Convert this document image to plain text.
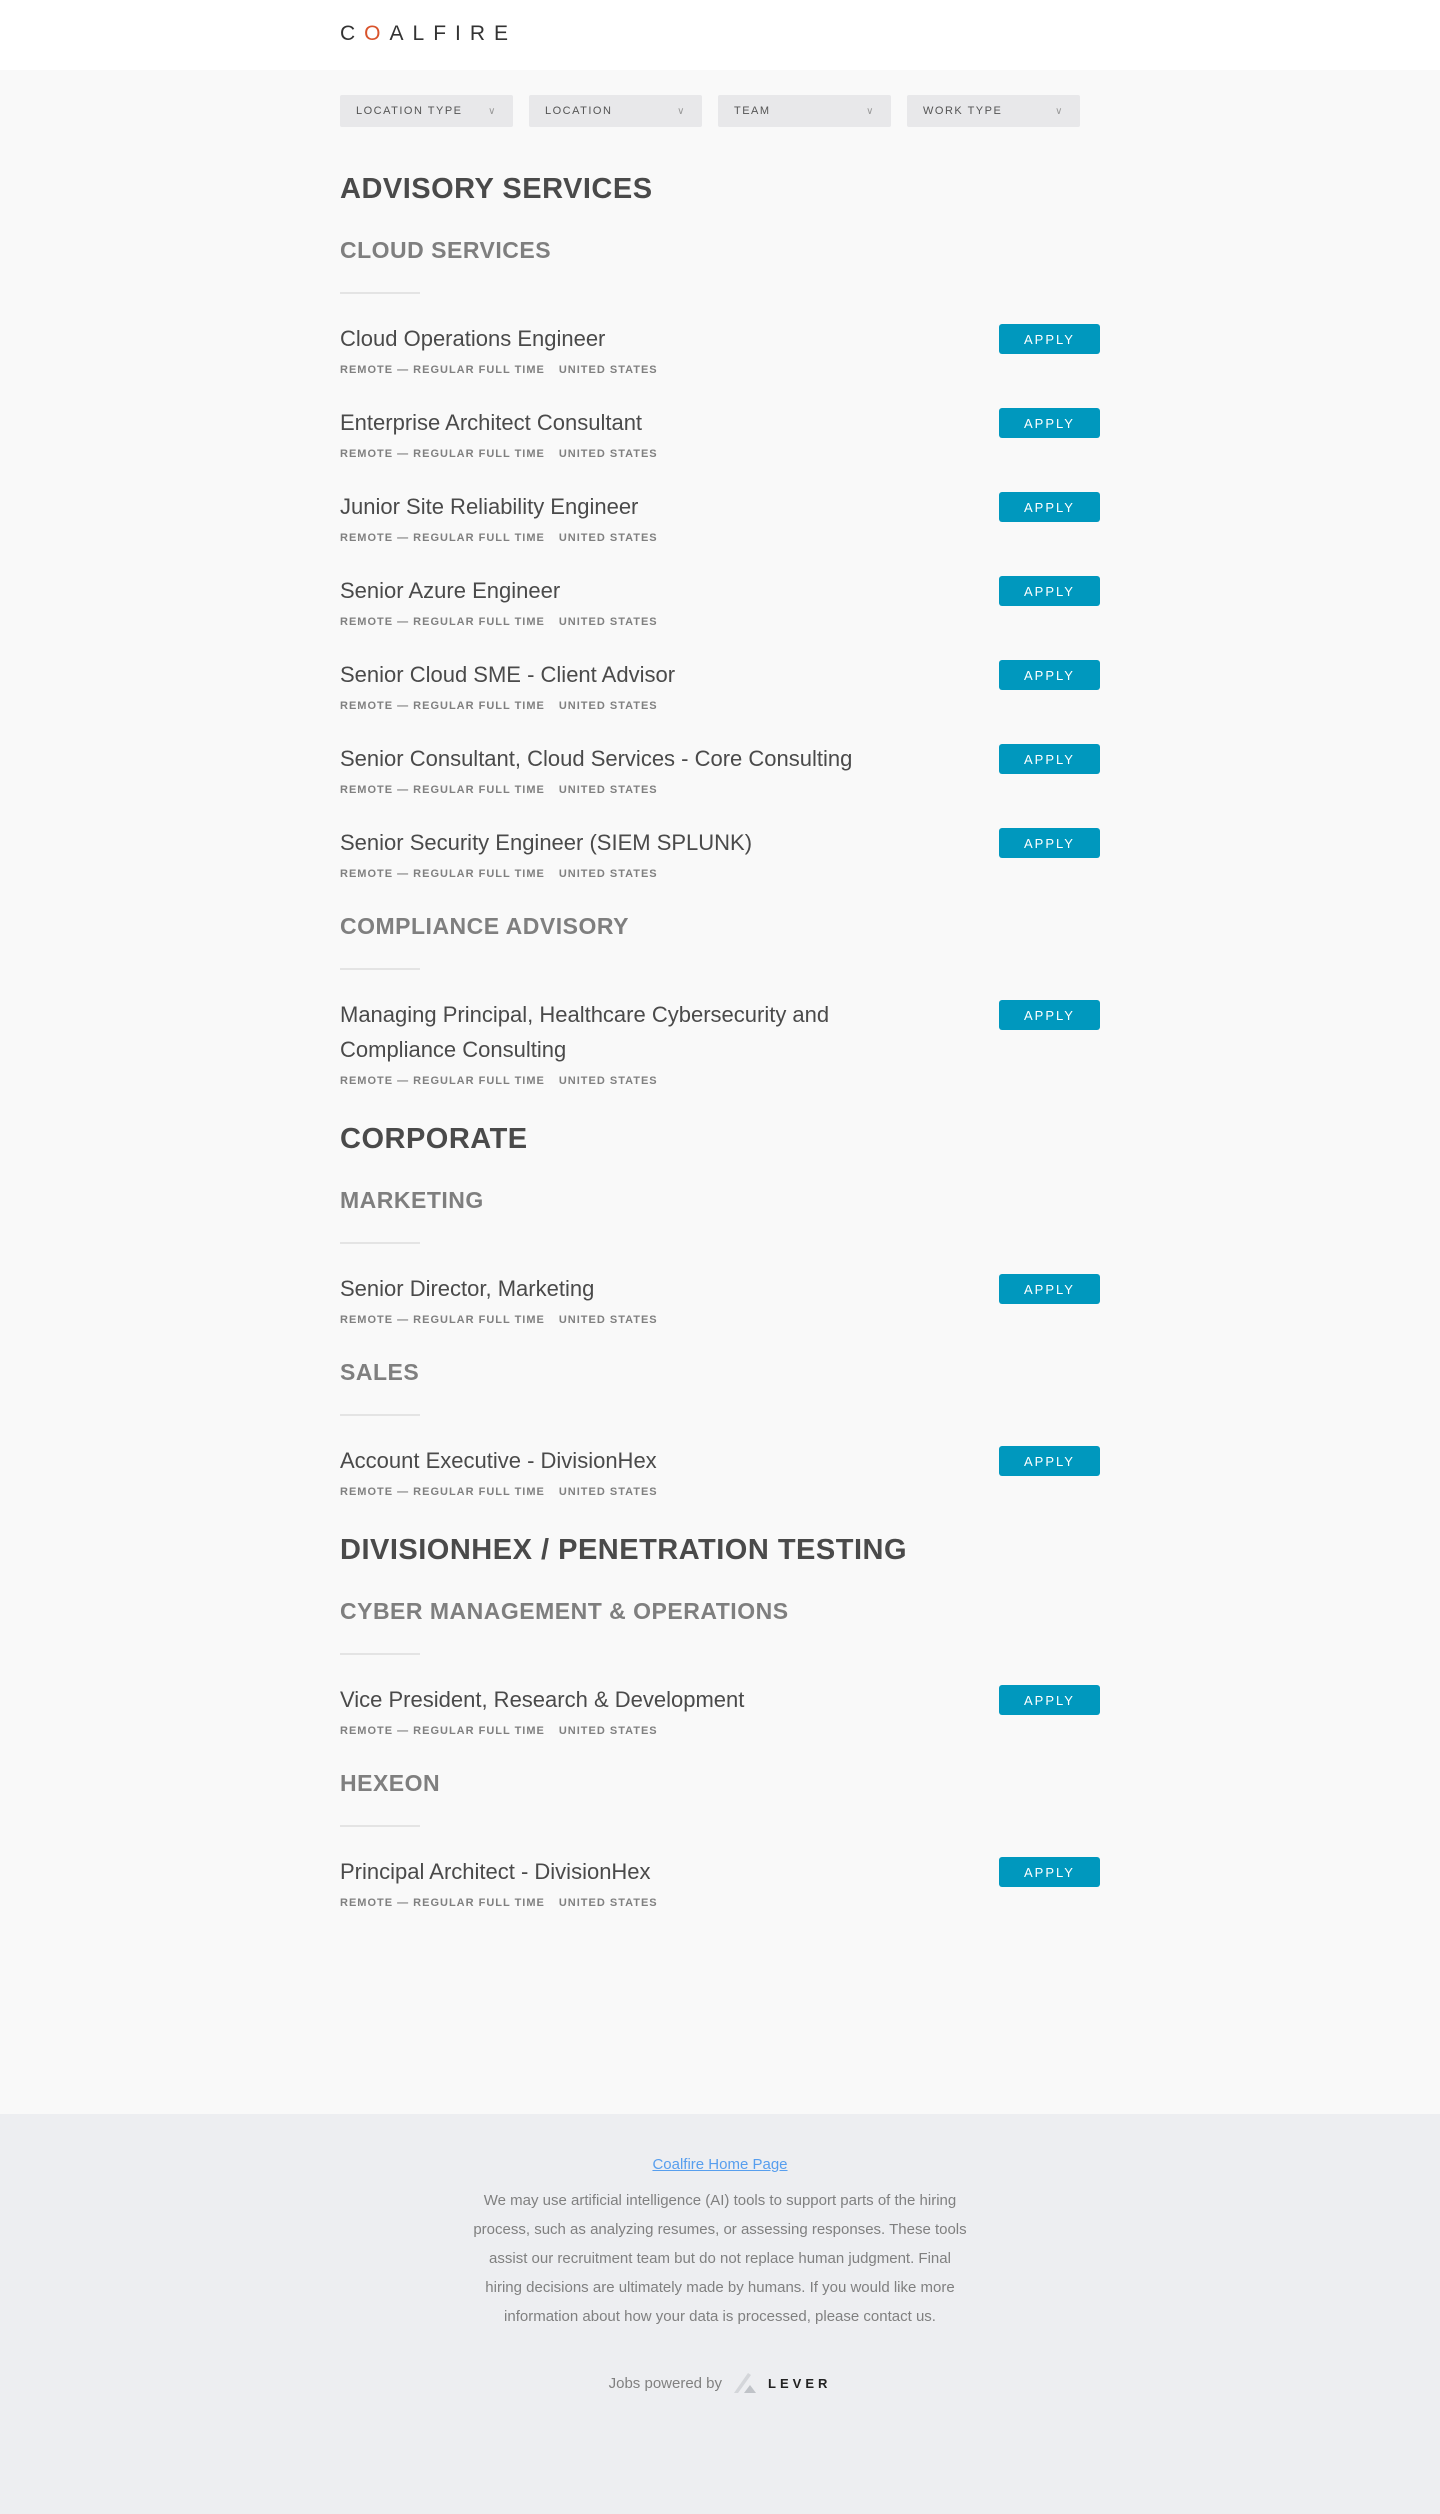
COALFIRE
LOCATION TYPE	∨	LOCATION	∨	TEAM	∨	WORK TYPE	∨
ADVISORY SERVICES
CLOUD SERVICES
Cloud Operations Engineer
REMOTE — REGULAR FULL TIME UNITED STATES
APPLY
Enterprise Architect Consultant
REMOTE — REGULAR FULL TIME UNITED STATES
APPLY
Junior Site Reliability Engineer
REMOTE — REGULAR FULL TIME UNITED STATES
APPLY
Senior Azure Engineer
REMOTE — REGULAR FULL TIME UNITED STATES
APPLY
Senior Cloud SME - Client Advisor
REMOTE — REGULAR FULL TIME UNITED STATES
APPLY
Senior Consultant, Cloud Services - Core Consulting
REMOTE — REGULAR FULL TIME UNITED STATES
APPLY
Senior Security Engineer (SIEM SPLUNK)
REMOTE — REGULAR FULL TIME UNITED STATES
APPLY
COMPLIANCE ADVISORY
Managing Principal, Healthcare Cybersecurity and Compliance Consulting
REMOTE — REGULAR FULL TIME UNITED STATES
APPLY
CORPORATE
MARKETING
Senior Director, Marketing
REMOTE — REGULAR FULL TIME UNITED STATES
APPLY
SALES
Account Executive - DivisionHex
REMOTE — REGULAR FULL TIME UNITED STATES
APPLY
DIVISIONHEX / PENETRATION TESTING
CYBER MANAGEMENT & OPERATIONS
Vice President, Research & Development
REMOTE — REGULAR FULL TIME UNITED STATES
APPLY
HEXEON
Principal Architect - DivisionHex
REMOTE — REGULAR FULL TIME UNITED STATES
APPLY
Coalfire Home Page

We may use artificial intelligence (AI) tools to support parts of the hiring process, such as analyzing resumes, or assessing responses. These tools assist our recruitment team but do not replace human judgment. Final hiring decisions are ultimately made by humans. If you would like more information about how your data is processed, please contact us.

Jobs powered by	LEVER
